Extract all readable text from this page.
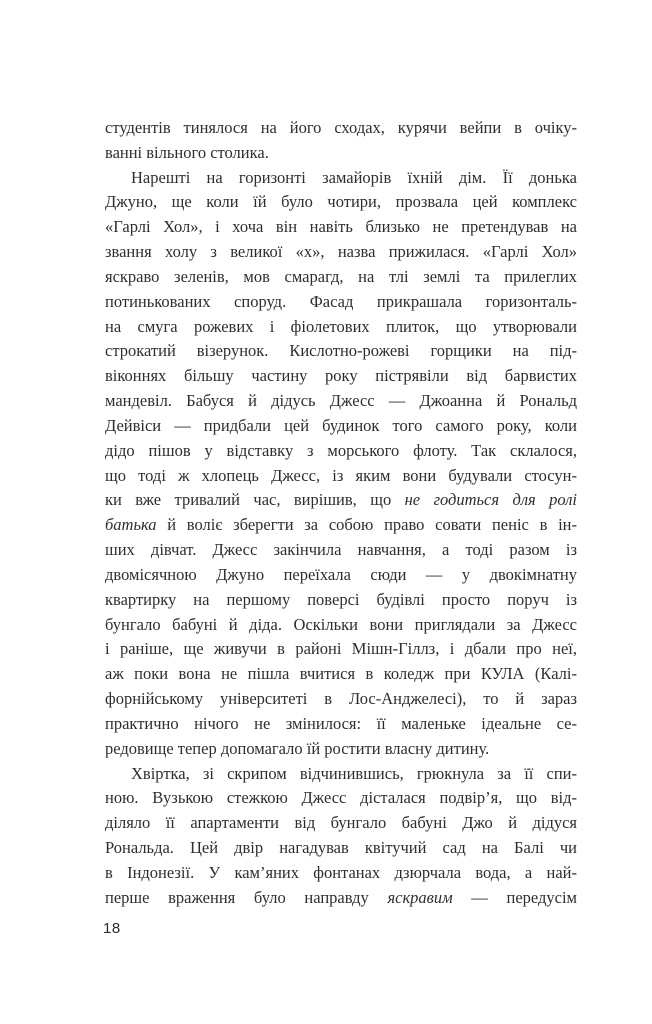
студентів тинялося на його сходах, курячи вейпи в очіку-
ванні вільного столика.
Нарешті на горизонті замайорів їхній дім. Її донька
Джуно, ще коли їй було чотири, прозвала цей комплекс
«Гарлі Хол», і хоча він навіть близько не претендував на
звання холу з великої «х», назва прижилася. «Гарлі Хол»
яскраво зеленів, мов смарагд, на тлі землі та прилеглих
потинькованих споруд. Фасад прикрашала горизонталь-
на смуга рожевих і фіолетових плиток, що утворювали
строкатий візерунок. Кислотно-рожеві горщики на під-
віконнях більшу частину року пістрявіли від барвистих
мандевіл. Бабуся й дідусь Джесс — Джоанна й Рональд
Дейвіси — придбали цей будинок того самого року, коли
дідо пішов у відставку з морського флоту. Так склалося,
що тоді ж хлопець Джесс, із яким вони будували стосун-
ки вже тривалий час, вирішив, що не годиться для ролі
батька й воліє зберегти за собою право совати пеніс в ін-
ших дівчат. Джесс закінчила навчання, а тоді разом із
двомісячною Джуно переїхала сюди — у двокімнатну
квартирку на першому поверсі будівлі просто поруч із
бунгало бабуні й діда. Оскільки вони приглядали за Джесс
і раніше, ще живучи в районі Мішн-Гіллз, і дбали про неї,
аж поки вона не пішла вчитися в коледж при КУЛА (Калі-
форнійському університеті в Лос-Анджелесі), то й зараз
практично нічого не змінилося: її маленьке ідеальне се-
редовище тепер допомагало їй ростити власну дитину.
Хвіртка, зі скрипом відчинившись, грюкнула за її спи-
ною. Вузькою стежкою Джесс дісталася подвір’я, що від-
діляло її апартаменти від бунгало бабуні Джо й дідуся
Рональда. Цей двір нагадував квітучий сад на Балі чи
в Індонезії. У кам’яних фонтанах дзюрчала вода, а най-
перше враження було направду яскравим — передусім
18
